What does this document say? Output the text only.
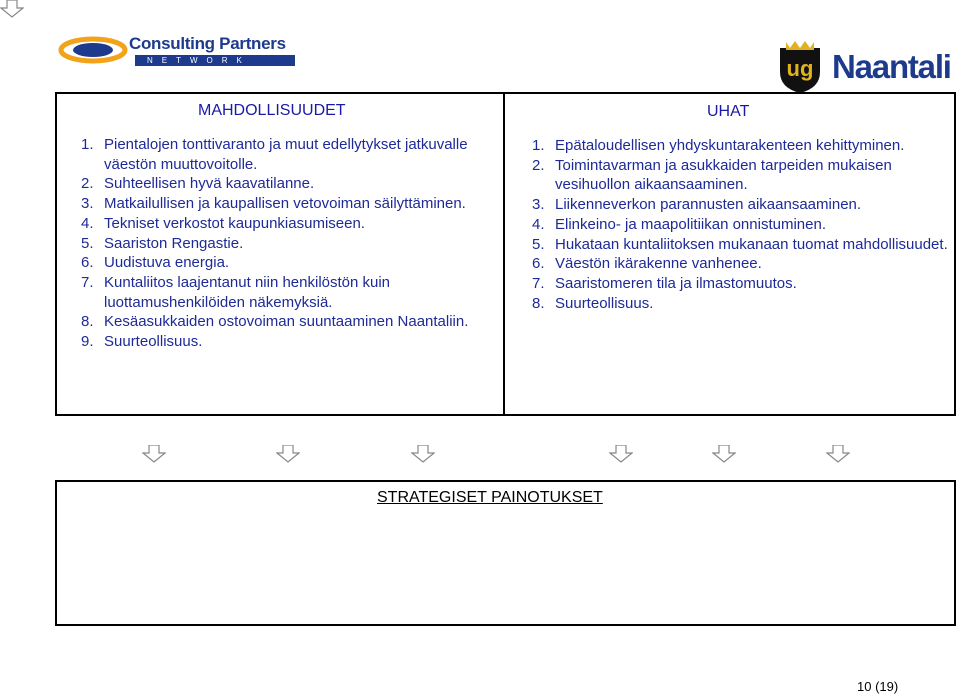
Consulting Partners
NETWORK	ug Naantali
MAHDOLLISUUDET	UHAT
1. Pientalojen tonttivaranto ja muut edellytykset jatkuvalle väestön muuttovoitolle.
2. Suhteellisen hyvä kaavatilanne.
3. Matkailullisen ja kaupallisen vetovoiman säilyttäminen.
4. Tekniset verkostot kaupunkiasumiseen.
5. Saariston Rengastie.
6. Uudistuva energia.
7. Kuntaliitos laajentanut niin henkilöstön kuin luottamushenkilöiden näkemyksiä.
8. Kesäasukkaiden ostovoiman suuntaaminen Naantaliin.
9. Suurteollisuus.
1. Epätaloudellisen yhdyskuntarakenteen kehittyminen.
2. Toimintavarman ja asukkaiden tarpeiden mukaisen vesihuollon aikaansaaminen.
3. Liikenneverkon parannusten aikaansaaminen.
4. Elinkeino- ja maapolitiikan onnistuminen.
5. Hukataan kuntaliitoksen mukanaan tuomat mahdollisuudet.
6. Väestön ikärakenne vanhenee.
7. Saaristomeren tila ja ilmastomuutos.
8. Suurteollisuus.
STRATEGISET PAINOTUKSET
10 (19)
